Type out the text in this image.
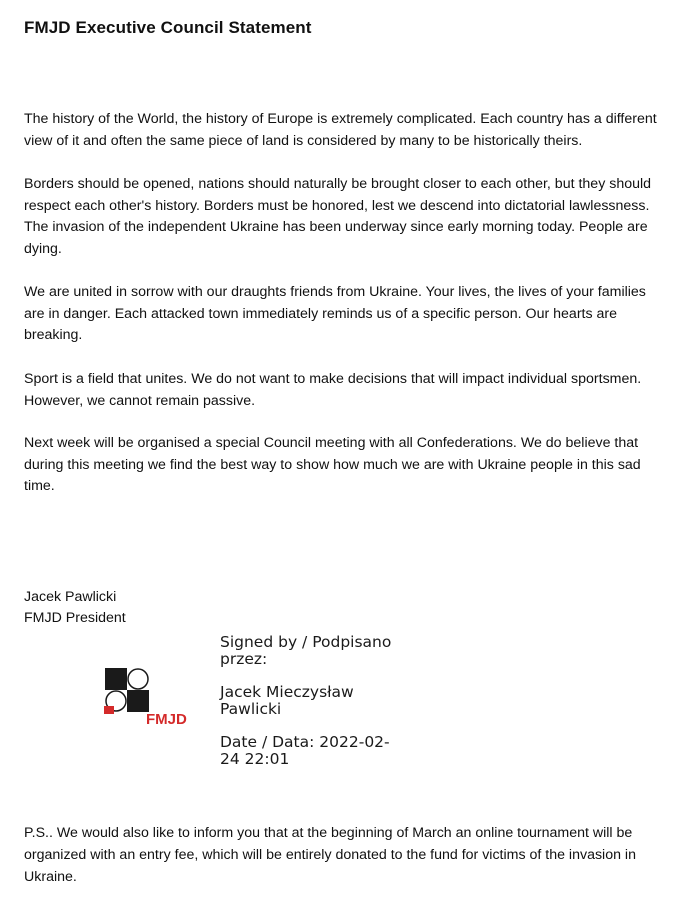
FMJD Executive Council Statement

The history of the World, the history of Europe is extremely complicated. Each country has a different view of it and often the same piece of land is considered by many to be historically theirs.

Borders should be opened, nations should naturally be brought closer to each other, but they should respect each other's history. Borders must be honored, lest we descend into dictatorial lawlessness. The invasion of the independent Ukraine has been underway since early morning today. People are dying.

We are united in sorrow with our draughts friends from Ukraine. Your lives, the lives of your families are in danger. Each attacked town immediately reminds us of a specific person. Our hearts are breaking.

Sport is a field that unites. We do not want to make decisions that will impact individual sportsmen. However, we cannot remain passive.

Next week will be organised a special Council meeting with all Confederations. We do believe that during this meeting we find the best way to show how much we are with Ukraine people in this sad time.

Jacek Pawlicki
FMJD President
FMJD
Signed by / Podpisano
przez:
Jacek Mieczysław
Pawlicki
Date / Data: 2022-02-
24 22:01

P.S.. We would also like to inform you that at the beginning of March an online tournament will be organized with an entry fee, which will be entirely donated to the fund for victims of the invasion in Ukraine.
